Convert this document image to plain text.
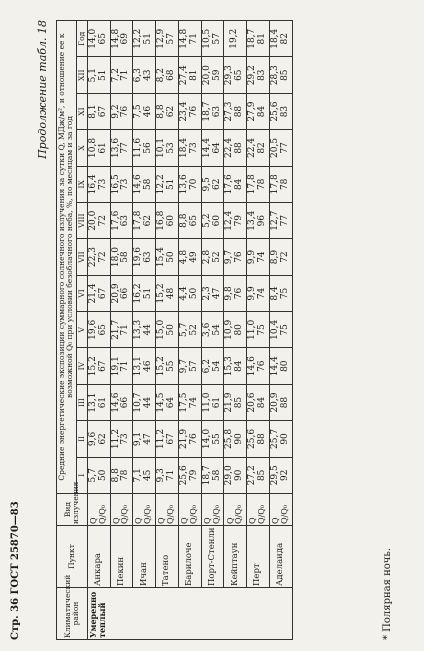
Стр. 36 ГОСТ 25870—83
Продолжение табл. 18
Климатический район	Пункт	Вид излучения	Средние энергетические экспозиции суммарного солнечного излучения за сутки Q, МДж/м², и отношение ее к возможной Q₀ при условии безоблачного неба, %, по месяцам и за год												
			I	II	III	IV	V	VI	VII	VIII	IX	X	XI	XII	Год
Умеренно теплый	Анкара	Q Q/Q₀	5,7 50	9,6 62	13,1 61	15,2 67	19,6 65	21,4 67	22,3 72	20,0 72	16,4 73	10,8 61	8,1 67	5,1 51	14,0 65

	Пекин	Q Q/Q₀	8,8 78	11,2 73	14,6 66	19,1 71	21,7 71	20,9 66	18,0 58	17,6 63	16,5 73	13,6 77	9,2 76	7,2 71	14,8 69

	Ичан	Q Q/Q₀	7,1 45	9,1 47	10,7 44	13,1 46	13,3 44	16,2 51	19,6 63	17,8 62	14,6 58	11,6 56	7,5 46	6,3 43	12,2 51

	Татено	Q Q/Q₀	9,3 71	11,2 67	14,5 64	15,2 55	15,0 50	15,2 48	15,4 50	16,8 60	12,2 51	10,1 53	8,8 62	8,2 68	12,9 57

	Барилоче	Q Q/Q₀	25,6 79	21,9 76	17,5 74	9,7 57	5,7 52	4,4 50	4,8 49	8,8 65	13,6 70	18,4 73	23,4 76	27,4 81	14,8 71

	Порт-Стенли	Q Q/Q₀	18,7 58	14,0 55	11,0 61	6,2 54	3,6 54	2,3 47	2,8 52	5,2 60	9,5 62	14,4 64	18,7 63	20,0 59	10,5 57

	Кейптаун	Q Q/Q₀	29,0 90	25,8 90	21,9 85	15,3 84	10,9 80	9,8 76	9,7 76	12,4 79	17,6 84	22,4 88	27,3 88	29,3 65	19,2

	Перт	Q Q/Q₀	27,2 85	25,6 88	20,6 84	14,6 76	11,0 75	9,9 74	9,9 74	13,4 96	17,8 78	22,4 82	27,9 84	29,2 83	18,7 81

	Аделаида	Q Q/Q₀	29,5 92	25,7 90	20,9 88	14,4 80	10,4 75	8,4 75	8,9 72	12,7 77	17,8 78	20,5 77	25,6 83	28,3 85	18,4 82
* Полярная ночь.
